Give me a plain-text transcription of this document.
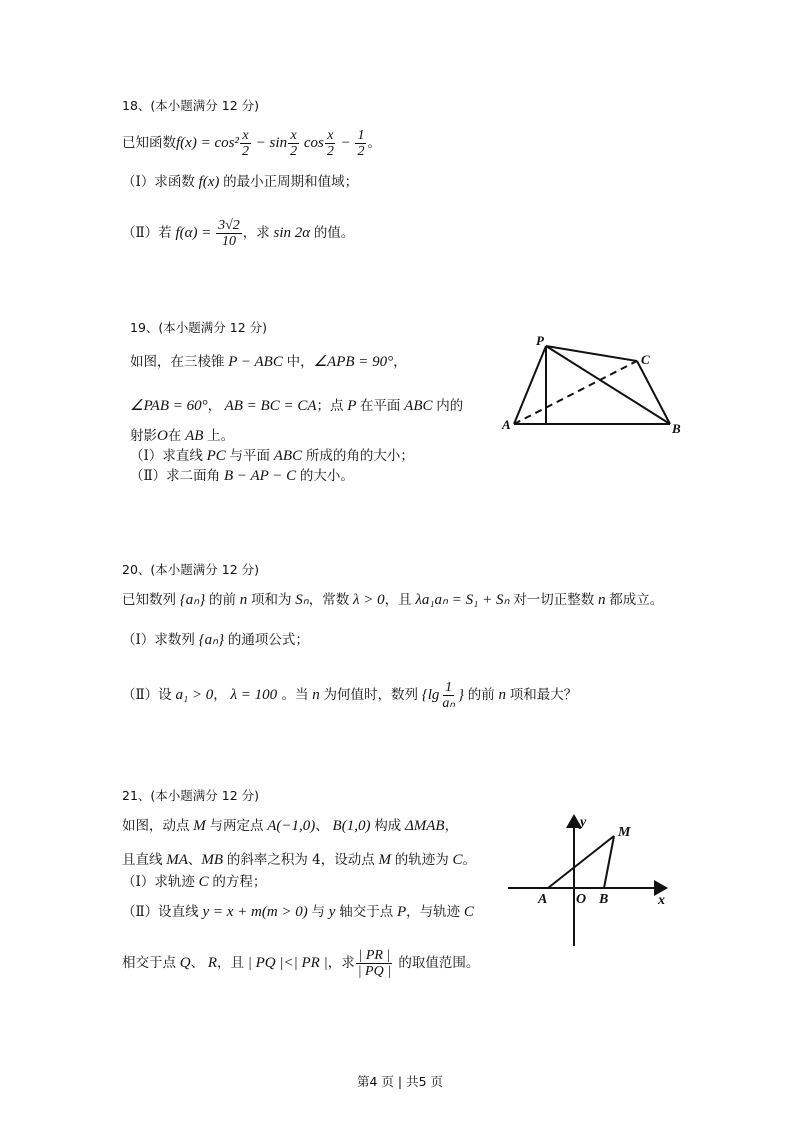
18、(本小题满分 12 分)
已知函数$f(x) = \cos^2 \frac{x}{2} - \sin \frac{x}{2}$ $\cos \frac{x}{2} - \frac{1}{2}$ 。
（Ⅰ）求函数 f(x) 的最小正周期和值域；
（Ⅱ）若 $f(\alpha) = \frac{3√2}{10}$ ，求 sin 2α 的值。
19、(本小题满分 12 分)
如图，在三棱锥 P − ABC 中，∠APB = 90°，
∠PAB = 60°， AB = BC = CA；点 P 在平面 ABC 内的
射影O在 AB 上。
（Ⅰ）求直线 PC 与平面 ABC 所成的角的大小；
（Ⅱ）求二面角 B − AP − C 的大小。
P
C
A	B
20、(本小题满分 12 分)
已知数列 {aₙ} 的前 n 项和为 Sₙ，常数 λ > 0，且 λa₁aₙ = S₁ + Sₙ 对一切正整数 n 都成立。
（Ⅰ）求数列 {aₙ} 的通项公式；
（Ⅱ）设 a₁ > 0， λ = 100 。当 n 为何值时，数列 {$\lg \frac{1}{\text{aₙ}}$ } 的前 n 项和最大？
21、(本小题满分 12 分)
如图，动点 M 与两定点 A(−1,0)、 B(1,0) 构成 ΔMAB，
且直线 MA、MB 的斜率之积为 4，设动点 M 的轨迹为 C。
（Ⅰ）求轨迹 C 的方程；
（Ⅱ）设直线 y = x + m(m > 0) 与 y 轴交于点 P，与轨迹 C
相交于点 Q、 R，且 | PQ |<| PR |，求 $\frac{| PR |}{| PQ |}$ 的取值范围。
y
M
A O B	x
第4 页 | 共5 页
